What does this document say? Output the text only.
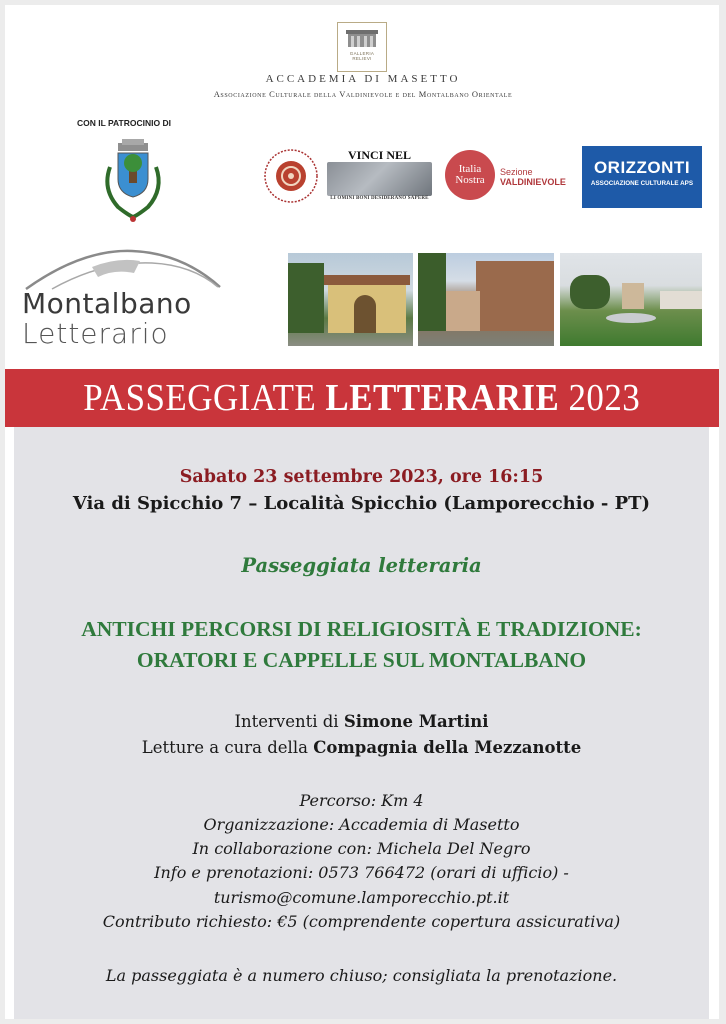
GALLERIA
RELIEVI
ACCADEMIA DI MASETTO
Associazione Culturale della Valdinievole e del Montalbano Orientale
CON IL PATROCINIO DI
VINCI NEL
LI OMINI BONI DESIDERANO SAPERE
Italia
Nostra
Sezione
VALDINIEVOLE
ORIZZONTI
ASSOCIAZIONE CULTURALE APS
Montalbano
Letterario
PASSEGGIATE LETTERARIE 2023
Sabato 23 settembre 2023, ore 16:15
Via di Spicchio 7 – Località Spicchio (Lamporecchio - PT)
Passeggiata letteraria
ANTICHI PERCORSI DI RELIGIOSITÀ E TRADIZIONE:
ORATORI E CAPPELLE SUL MONTALBANO
Interventi di Simone Martini
Letture a cura della Compagnia della Mezzanotte
Percorso: Km 4
Organizzazione: Accademia di Masetto
In collaborazione con: Michela Del Negro
Info e prenotazioni: 0573 766472 (orari di ufficio) -
turismo@comune.lamporecchio.pt.it
Contributo richiesto: €5 (comprendente copertura assicurativa)
La passeggiata è a numero chiuso; consigliata la prenotazione.
